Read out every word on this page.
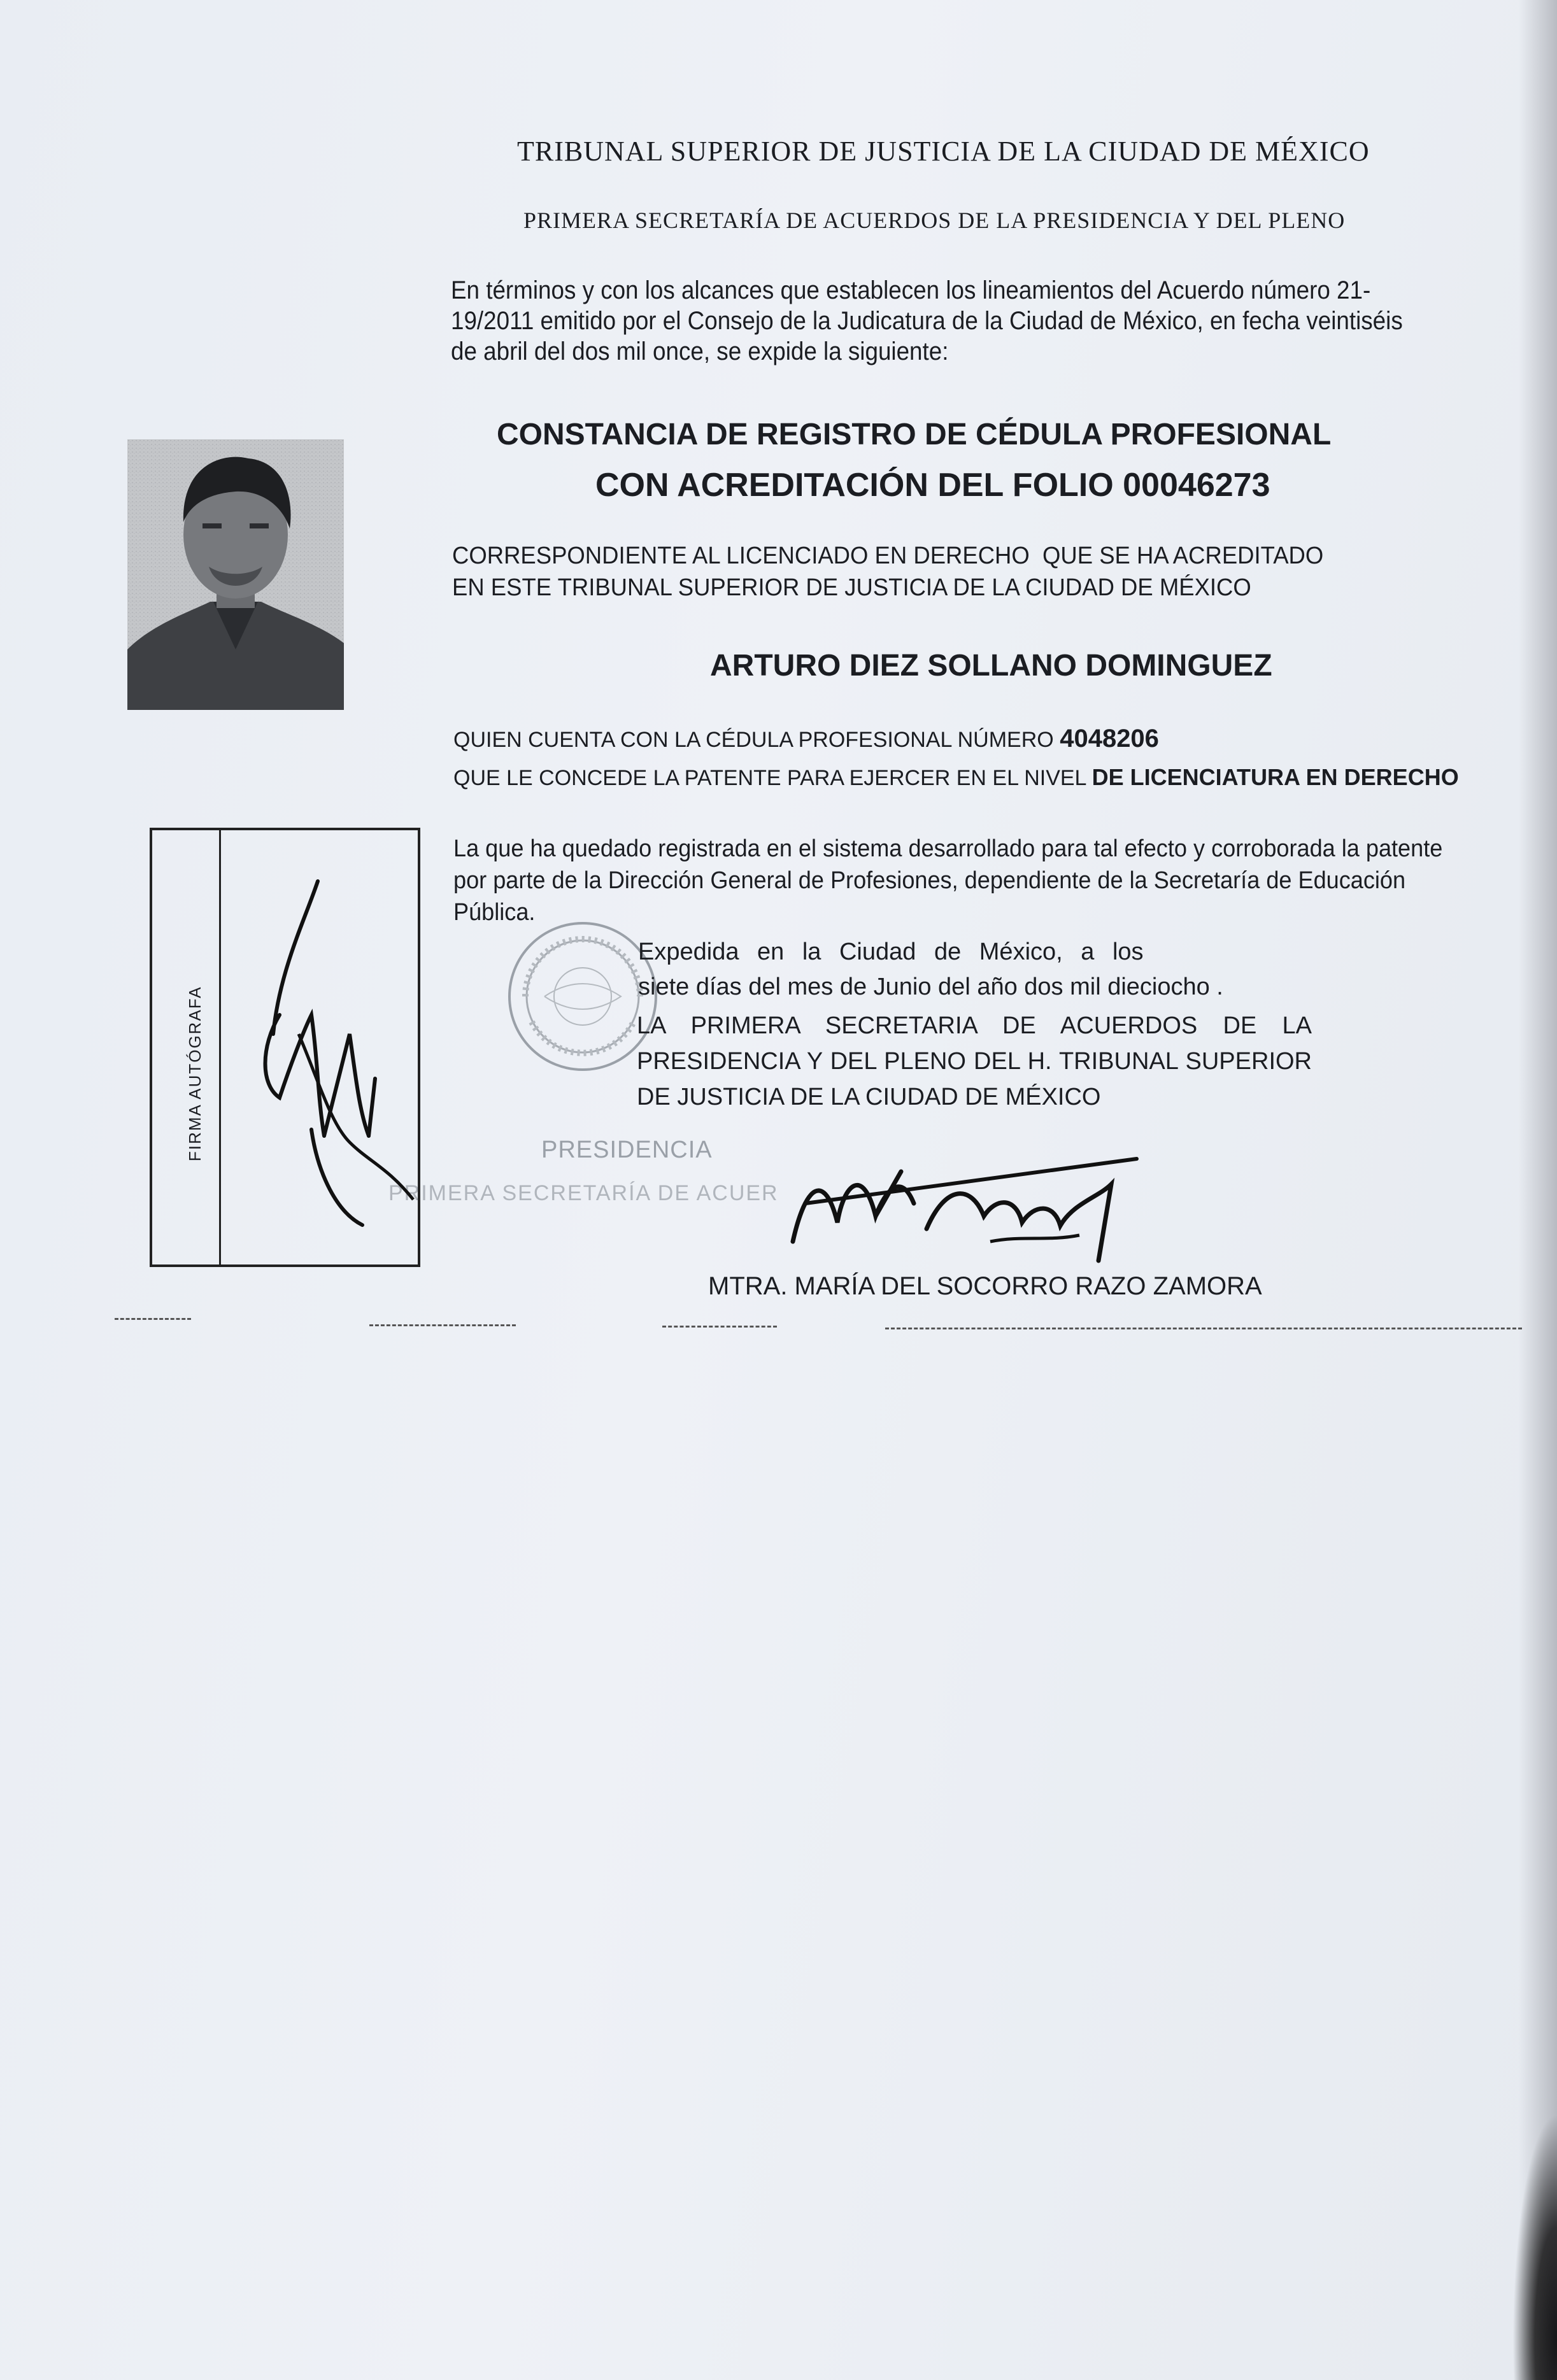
TRIBUNAL SUPERIOR DE JUSTICIA DE LA CIUDAD DE MÉXICO
PRIMERA SECRETARÍA DE ACUERDOS DE LA PRESIDENCIA Y DEL PLENO
En términos y con los alcances que establecen los lineamientos del Acuerdo número 21-19/2011 emitido por el Consejo de la Judicatura de la Ciudad de México, en fecha veintiséis de abril del dos mil once, se expide la siguiente:
CONSTANCIA DE REGISTRO DE CÉDULA PROFESIONAL
CON ACREDITACIÓN DEL FOLIO 00046273
CORRESPONDIENTE AL LICENCIADO EN DERECHO  QUE SE HA ACREDITADO
EN ESTE TRIBUNAL SUPERIOR DE JUSTICIA DE LA CIUDAD DE MÉXICO
ARTURO DIEZ SOLLANO DOMINGUEZ
QUIEN CUENTA CON LA CÉDULA PROFESIONAL NÚMERO 4048206
QUE LE CONCEDE LA PATENTE PARA EJERCER EN EL NIVEL DE LICENCIATURA EN DERECHO
La que ha quedado registrada en el sistema desarrollado para tal efecto y corroborada la patente por parte de la Dirección General de Profesiones, dependiente de la Secretaría de Educación Pública.
Expedida en la Ciudad de México, a los
siete días del mes de Junio del año dos mil dieciocho .
LA PRIMERA SECRETARIA DE ACUERDOS DE LA PRESIDENCIA Y DEL PLENO DEL H. TRIBUNAL SUPERIOR DE JUSTICIA DE LA CIUDAD DE MÉXICO
PRESIDENCIA
PRIMERA SECRETARÍA DE ACUER
MTRA. MARÍA DEL SOCORRO RAZO ZAMORA
FIRMA AUTÓGRAFA
